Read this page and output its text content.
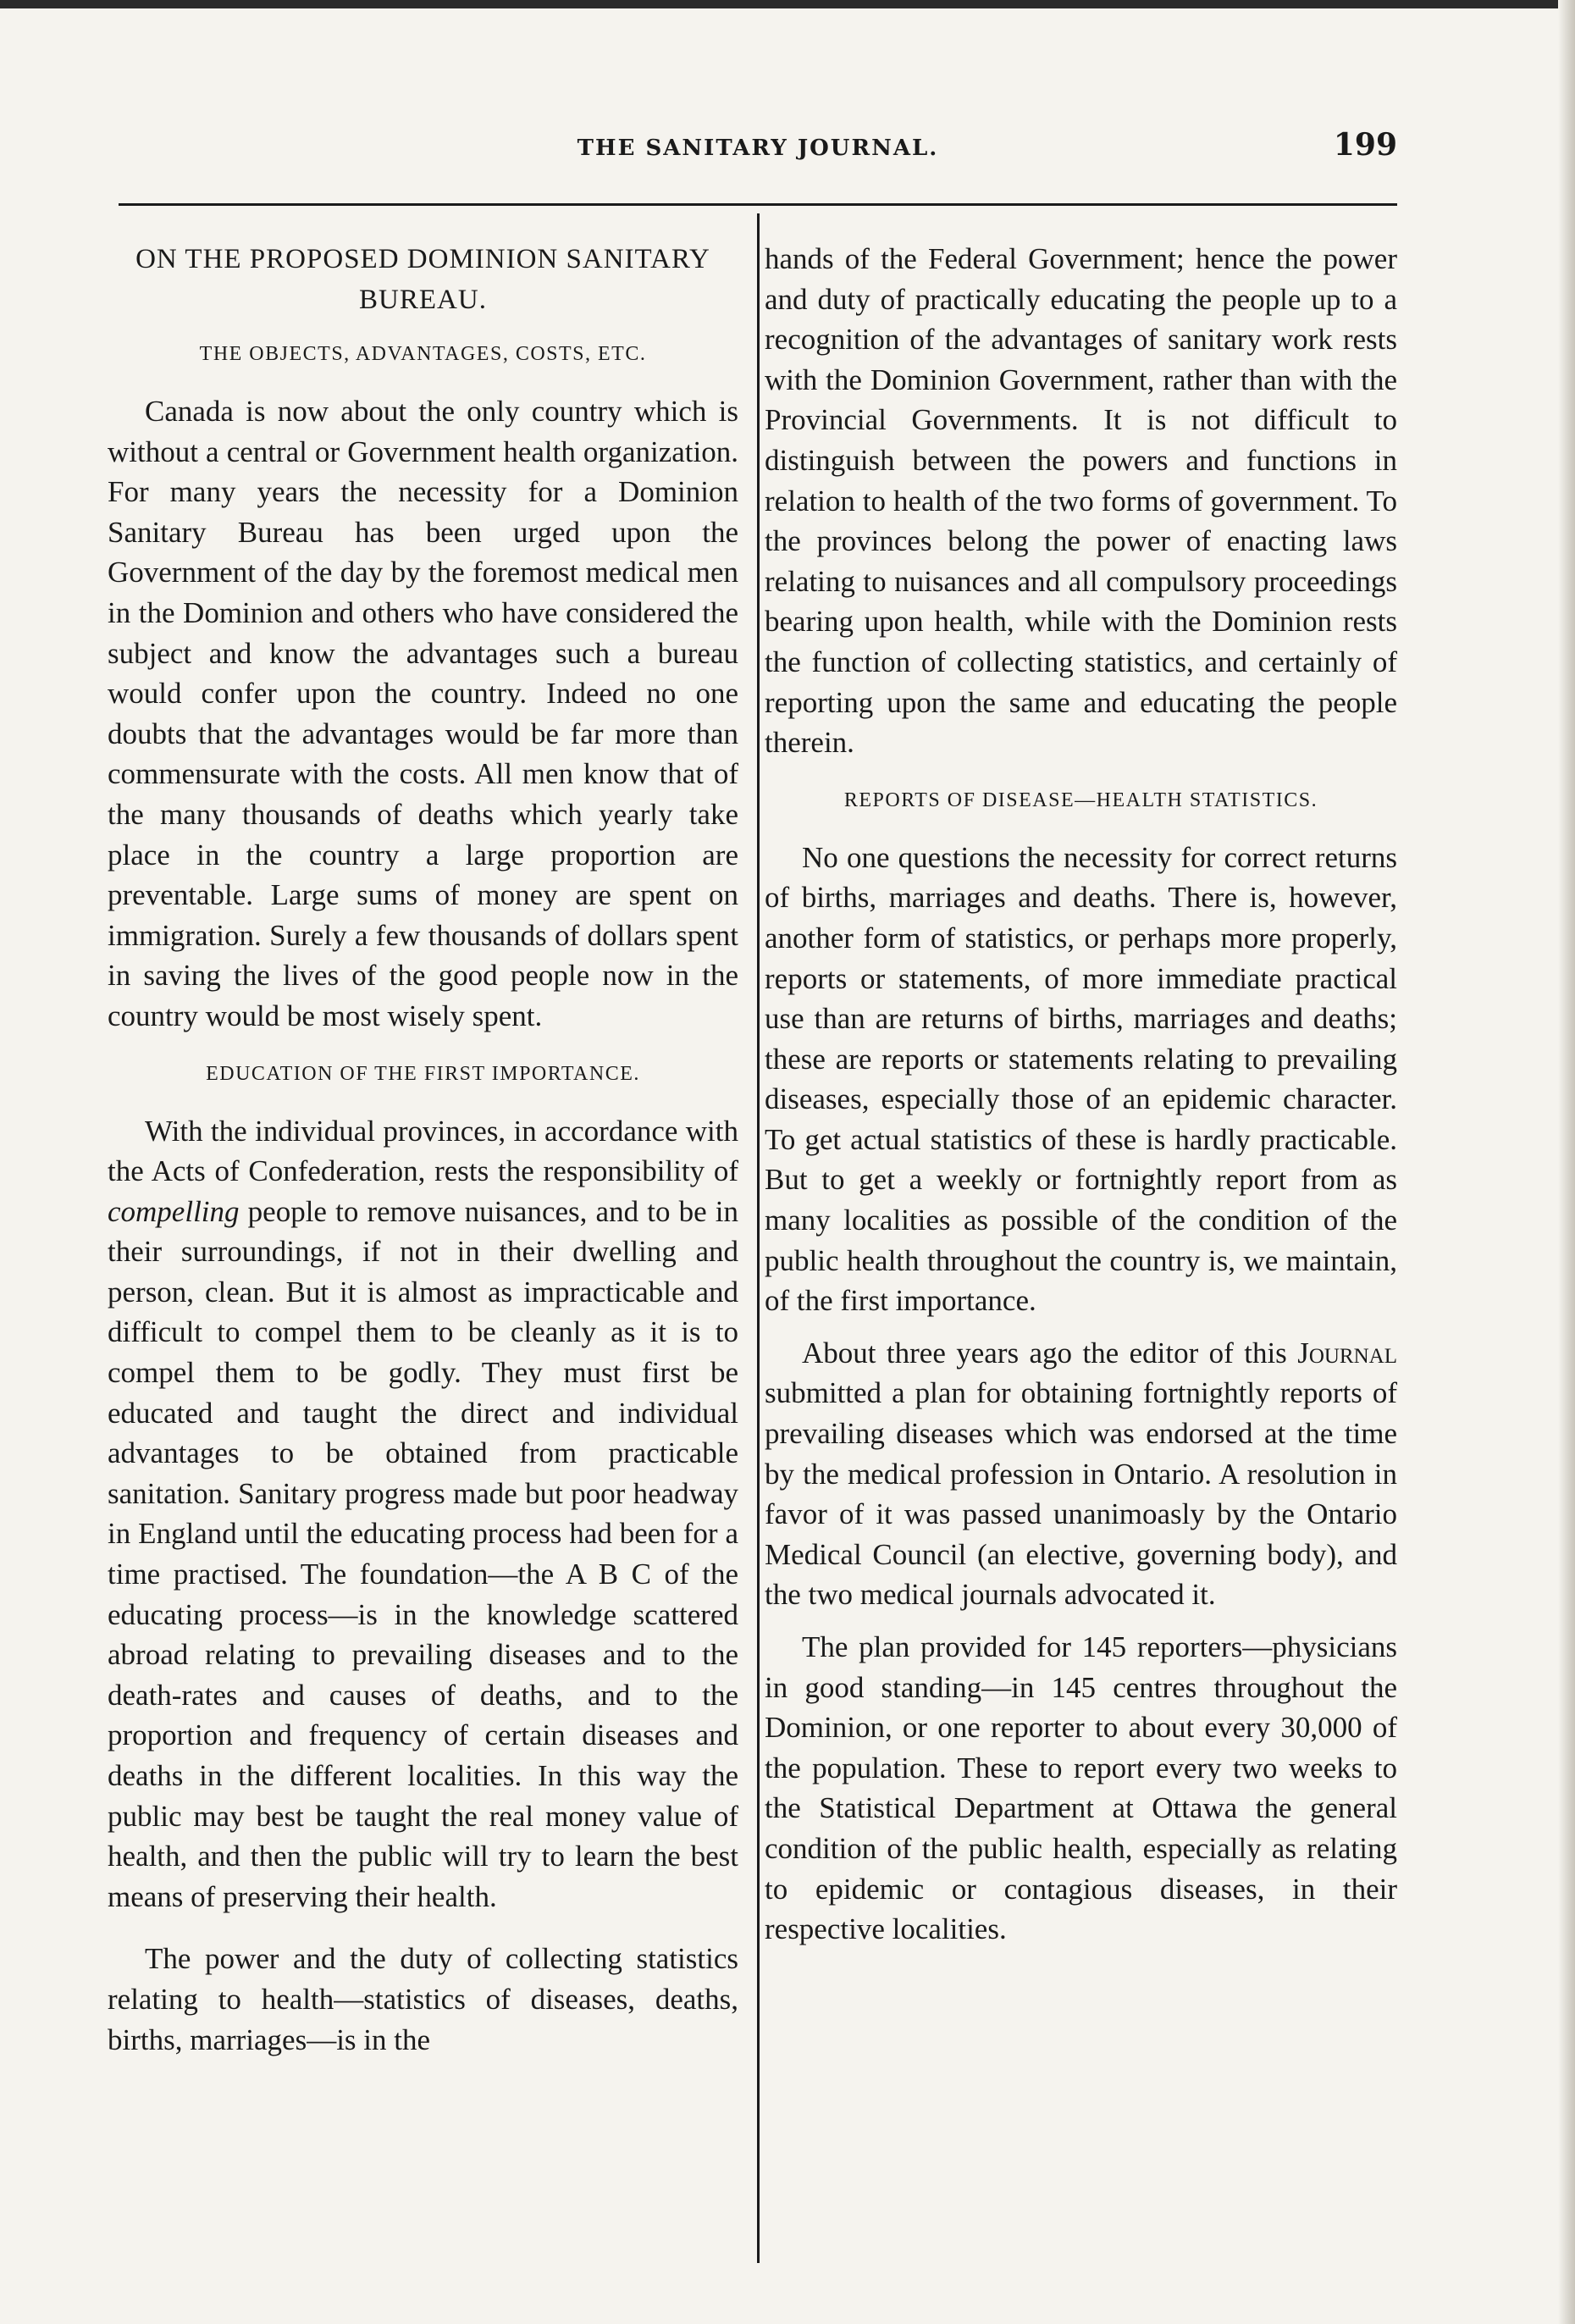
THE SANITARY JOURNAL.	199
ON THE PROPOSED DOMINION SANITARY BUREAU.
THE OBJECTS, ADVANTAGES, COSTS, ETC.

Canada is now about the only country which is without a central or Government health organization. For many years the necessity for a Dominion Sanitary Bureau has been urged upon the Government of the day by the foremost medical men in the Dominion and others who have considered the subject and know the advantages such a bureau would confer upon the country. Indeed no one doubts that the advantages would be far more than commensurate with the costs. All men know that of the many thousands of deaths which yearly take place in the country a large proportion are preventable. Large sums of money are spent on immigration. Surely a few thousands of dollars spent in saving the lives of the good people now in the country would be most wisely spent.

EDUCATION OF THE FIRST IMPORTANCE.

With the individual provinces, in accordance with the Acts of Confederation, rests the responsibility of compelling people to remove nuisances, and to be in their surroundings, if not in their dwelling and person, clean. But it is almost as impracticable and difficult to compel them to be cleanly as it is to compel them to be godly. They must first be educated and taught the direct and individual advantages to be obtained from practicable sanitation. Sanitary progress made but poor headway in England until the educating process had been for a time practised. The foundation—the A B C of the educating process—is in the knowledge scattered abroad relating to prevailing diseases and to the death-rates and causes of deaths, and to the proportion and frequency of certain diseases and deaths in the different localities. In this way the public may best be taught the real money value of health, and then the public will try to learn the best means of preserving their health.

The power and the duty of collecting statistics relating to health—statistics of diseases, deaths, births, marriages—is in the

hands of the Federal Government; hence the power and duty of practically educating the people up to a recognition of the advantages of sanitary work rests with the Dominion Government, rather than with the Provincial Governments. It is not difficult to distinguish between the powers and functions in relation to health of the two forms of government. To the provinces belong the power of enacting laws relating to nuisances and all compulsory proceedings bearing upon health, while with the Dominion rests the function of collecting statistics, and certainly of reporting upon the same and educating the people therein.

REPORTS OF DISEASE—HEALTH STATISTICS.

No one questions the necessity for correct returns of births, marriages and deaths. There is, however, another form of statistics, or perhaps more properly, reports or statements, of more immediate practical use than are returns of births, marriages and deaths; these are reports or statements relating to prevailing diseases, especially those of an epidemic character. To get actual statistics of these is hardly practicable. But to get a weekly or fortnightly report from as many localities as possible of the condition of the public health throughout the country is, we maintain, of the first importance.

About three years ago the editor of this Journal submitted a plan for obtaining fortnightly reports of prevailing diseases which was endorsed at the time by the medical profession in Ontario. A resolution in favor of it was passed unanimoasly by the Ontario Medical Council (an elective, governing body), and the two medical journals advocated it.

The plan provided for 145 reporters—physicians in good standing—in 145 centres throughout the Dominion, or one reporter to about every 30,000 of the population. These to report every two weeks to the Statistical Department at Ottawa the general condition of the public health, especially as relating to epidemic or contagious diseases, in their respective localities.
